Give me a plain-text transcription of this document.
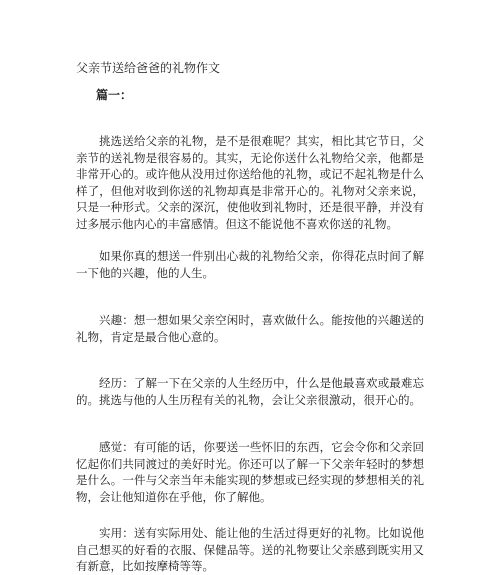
父亲节送给爸爸的礼物作文
篇一：

挑选送给父亲的礼物，是不是很难呢？其实，相比其它节日，父亲节的送礼物是很容易的。其实，无论你送什么礼物给父亲，他都是非常开心的。或许他从没用过你送给他的礼物，或记不起礼物是什么样了，但他对收到你送的礼物却真是非常开心的。礼物对父亲来说，只是一种形式。父亲的深沉，使他收到礼物时，还是很平静，并没有过多展示他内心的丰富感情。但这不能说他不喜欢你送的礼物。

如果你真的想送一件别出心裁的礼物给父亲，你得花点时间了解一下他的兴趣，他的人生。

兴趣：想一想如果父亲空闲时，喜欢做什么。能按他的兴趣送的礼物，肯定是最合他心意的。

经历：了解一下在父亲的人生经历中，什么是他最喜欢或最难忘的。挑选与他的人生历程有关的礼物，会让父亲很激动，很开心的。

感觉：有可能的话，你要送一些怀旧的东西，它会令你和父亲回忆起你们共同渡过的美好时光。你还可以了解一下父亲年轻时的梦想是什么。一件与父亲当年未能实现的梦想或已经实现的梦想相关的礼物，会让他知道你在乎他，你了解他。

实用：送有实际用处、能让他的生活过得更好的礼物。比如说他自己想买的好看的衣服、保健品等。送的礼物要让父亲感到既实用又有新意，比如按摩椅等等。
